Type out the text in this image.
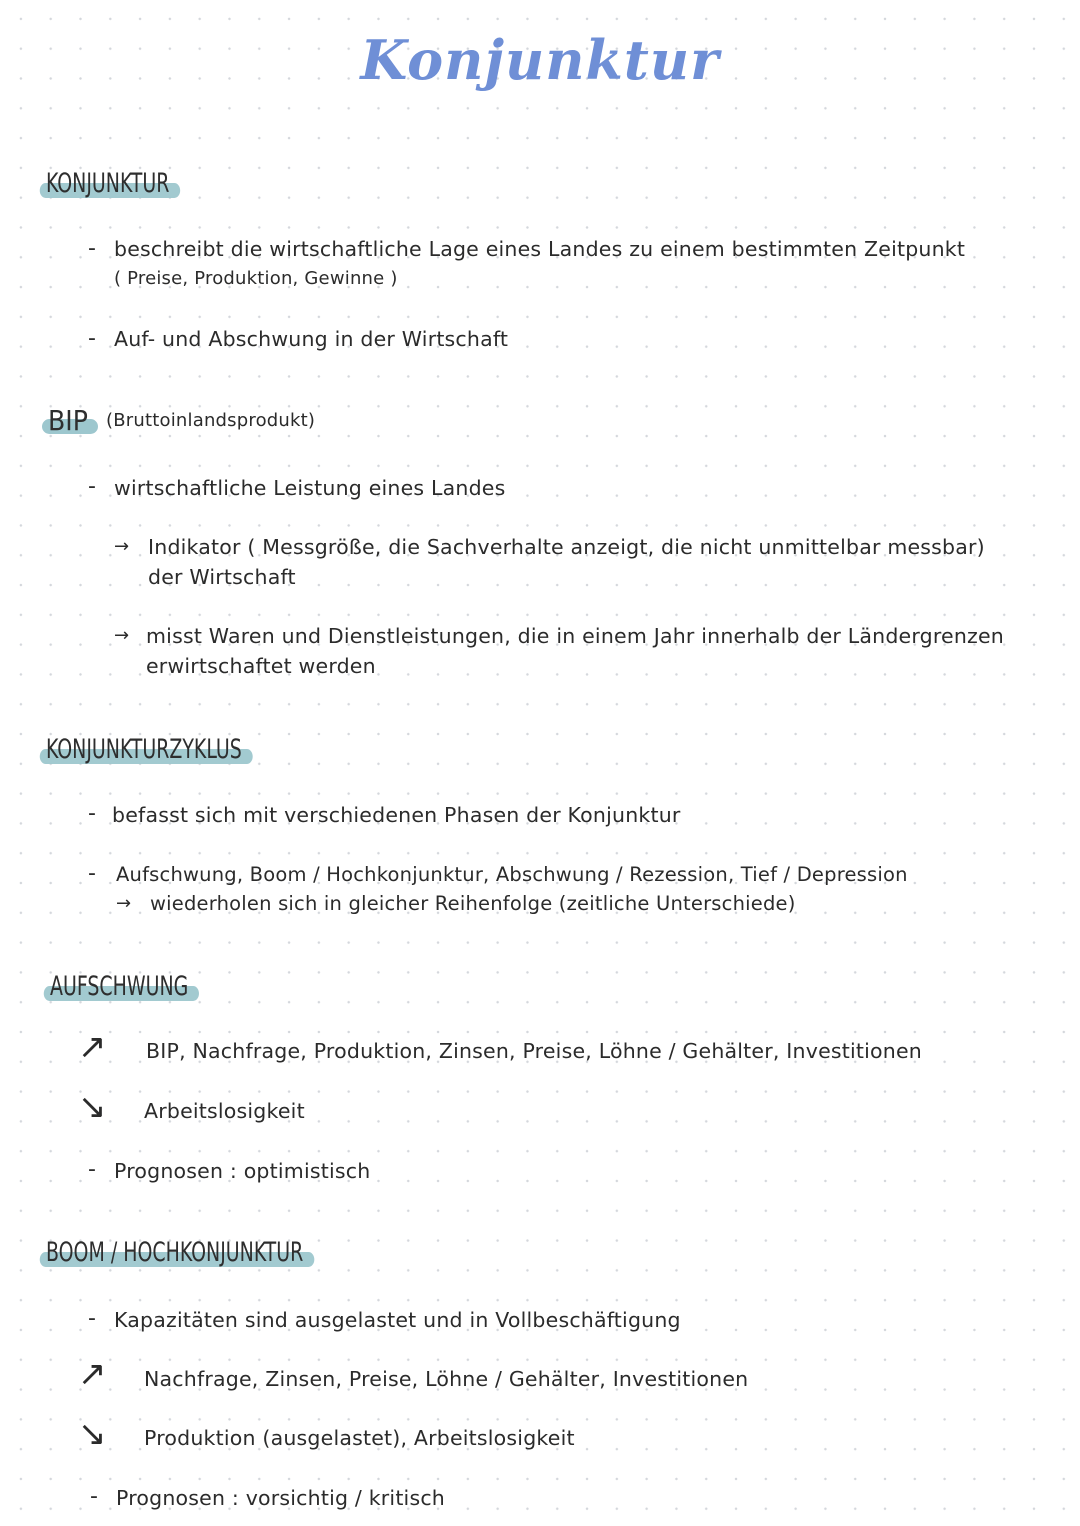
Konjunktur
KONJUNKTUR
- beschreibt die wirtschaftliche Lage eines Landes zu einem bestimmten Zeitpunkt
( Preise, Produktion, Gewinne )
- Auf- und Abschwung in der Wirtschaft
BIP (Bruttoinlandsprodukt)
- wirtschaftliche Leistung eines Landes
→ Indikator ( Messgröße, die Sachverhalte anzeigt, die nicht unmittelbar messbar)
der Wirtschaft
→ misst Waren und Dienstleistungen, die in einem Jahr innerhalb der Ländergrenzen
erwirtschaftet werden
KONJUNKTURZYKLUS
- befasst sich mit verschiedenen Phasen der Konjunktur
- Aufschwung, Boom / Hochkonjunktur, Abschwung / Rezession, Tief / Depression
→ wiederholen sich in gleicher Reihenfolge (zeitliche Unterschiede)
AUFSCHWUNG
↗ BIP, Nachfrage, Produktion, Zinsen, Preise, Löhne / Gehälter, Investitionen
↘ Arbeitslosigkeit
- Prognosen : optimistisch
BOOM / HOCHKONJUNKTUR
- Kapazitäten sind ausgelastet und in Vollbeschäftigung
↗ Nachfrage, Zinsen, Preise, Löhne / Gehälter, Investitionen
↘ Produktion (ausgelastet), Arbeitslosigkeit
- Prognosen : vorsichtig / kritisch
